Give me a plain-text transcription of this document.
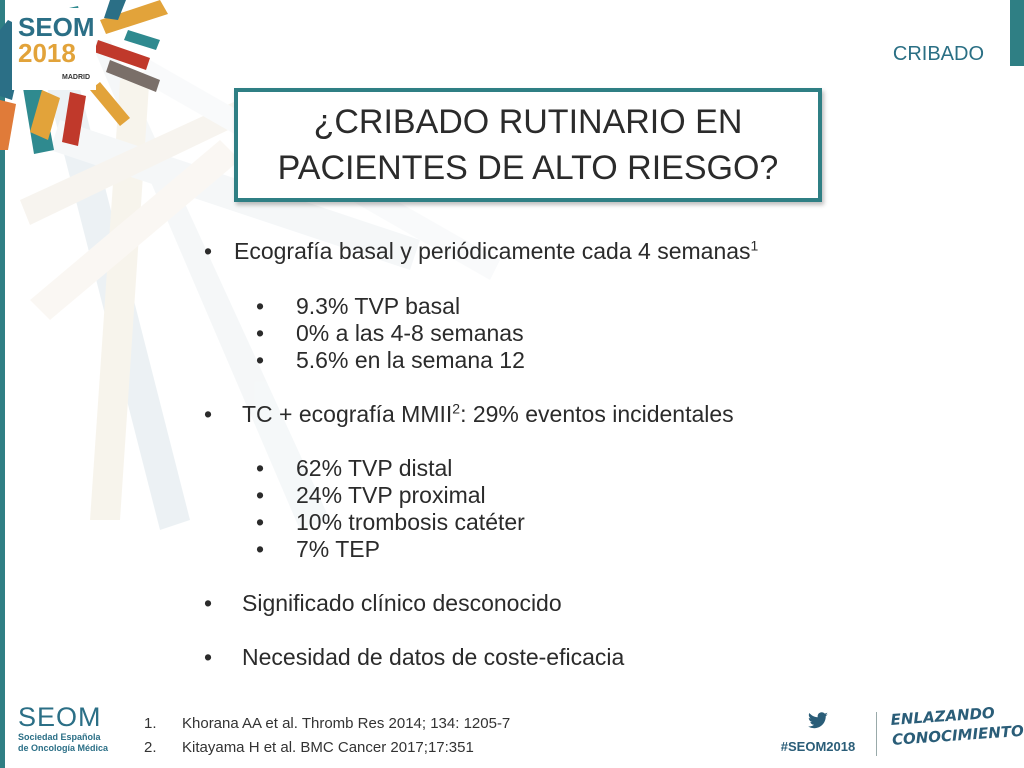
SEOM
2018
MADRID
CRIBADO
¿CRIBADO RUTINARIO EN
PACIENTES DE ALTO RIESGO?
• Ecografía basal y periódicamente cada 4 semanas$^1$
• 9.3% TVP basal
• 0% a las 4-8 semanas
• 5.6% en la semana 12
• TC + ecografía MMII$^2$: 29% eventos incidentales
• 62% TVP distal
• 24% TVP proximal
• 10% trombosis catéter
• 7% TEP
• Significado clínico desconocido
• Necesidad de datos de coste-eficacia
SEOM
Sociedad Española
de Oncología Médica
1. Khorana AA et al. Thromb Res 2014; 134: 1205-7
2. Kitayama H et al. BMC Cancer 2017;17:351	#SEOM2018
ENLAZANDO
CONOCIMIENTO
